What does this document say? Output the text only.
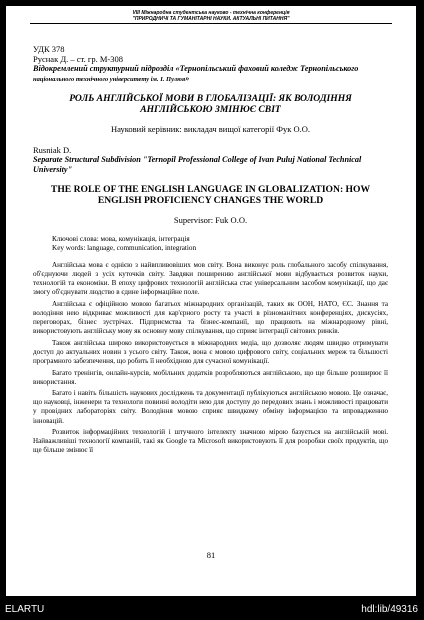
VIII Міжнародна студентська науково - технічна конференція
"ПРИРОДНИЧІ ТА ГУМАНІТАРНІ НАУКИ. АКТУАЛЬНІ ПИТАННЯ"
УДК 378
Руснак Д. – ст. гр. М-308
Відокремлений структурний підрозділ «Тернопільський фаховий коледж Тернопільського національного технічного університету ім. І. Пулюя»
РОЛЬ АНГЛІЙСЬКОЇ МОВИ В ГЛОБАЛІЗАЦІЇ: ЯК ВОЛОДІННЯ АНГЛІЙСЬКОЮ ЗМІНЮЄ СВІТ
Науковий керівник: викладач вищої категорії Фук О.О.
Rusniak D.
Separate Structural Subdivision "Ternopil Professional College of Ivan Puluj National Technical University"
THE ROLE OF THE ENGLISH LANGUAGE IN GLOBALIZATION: HOW ENGLISH PROFICIENCY CHANGES THE WORLD
Supervisor: Fuk O.O.
Ключові слова: мова, комунікація, інтеграція
Key words: language, communication, integration

Англійська мова є однією з найвпливовіших мов світу. Вона виконує роль глобального засобу спілкування, об'єднуючи людей з усіх куточків світу. Завдяки поширенню англійської мови відбувається розвиток науки, технологій та економіки. В епоху цифрових технологій англійська стає універсальним засобом комунікації, що дає змогу об'єднувати людство в єдине інформаційне поле.

Англійська є офіційною мовою багатьох міжнародних організацій, таких як ООН, НАТО, ЄС. Знання та володіння нею відкриває можливості для кар'єрного росту та участі в різноманітних конференціях, дискусіях, переговорах, бізнес зустрічах. Підприємства та бізнес-компанії, що працюють на міжнародному рівні, використовують англійську мову як основну мову спілкування, що сприяє інтеграції світових ринків.

Також англійська широко використовується в міжнародних медіа, що дозволяє людям швидко отримувати доступ до актуальних новин з усього світу. Також, вона є мовою цифрового світу, соціальних мереж та більшості програмного забезпечення, що робить її необхідною для сучасної комунікації.

Багато тренінгів, онлайн-курсів, мобільних додатків розробляються англійською, що ще більше розширює її використання.

Багато і навіть більшість наукових досліджень та документації публікуються англійською мовою. Це означає, що науковці, інженери та технологи повинні володіти нею для доступу до передових знань і можливості працювати у провідних лабораторіях світу. Володіння мовою сприяє швидкому обміну інформацією та впровадженню інновацій.

Розвиток інформаційних технологій і штучного інтелекту значною мірою базується на англійській мові. Найважливіші технології компаній, такі як Google та Microsoft використовують її для розробки своїх продуктів, що ще більше змінює її

81
ELARTU	hdl:lib/49316
